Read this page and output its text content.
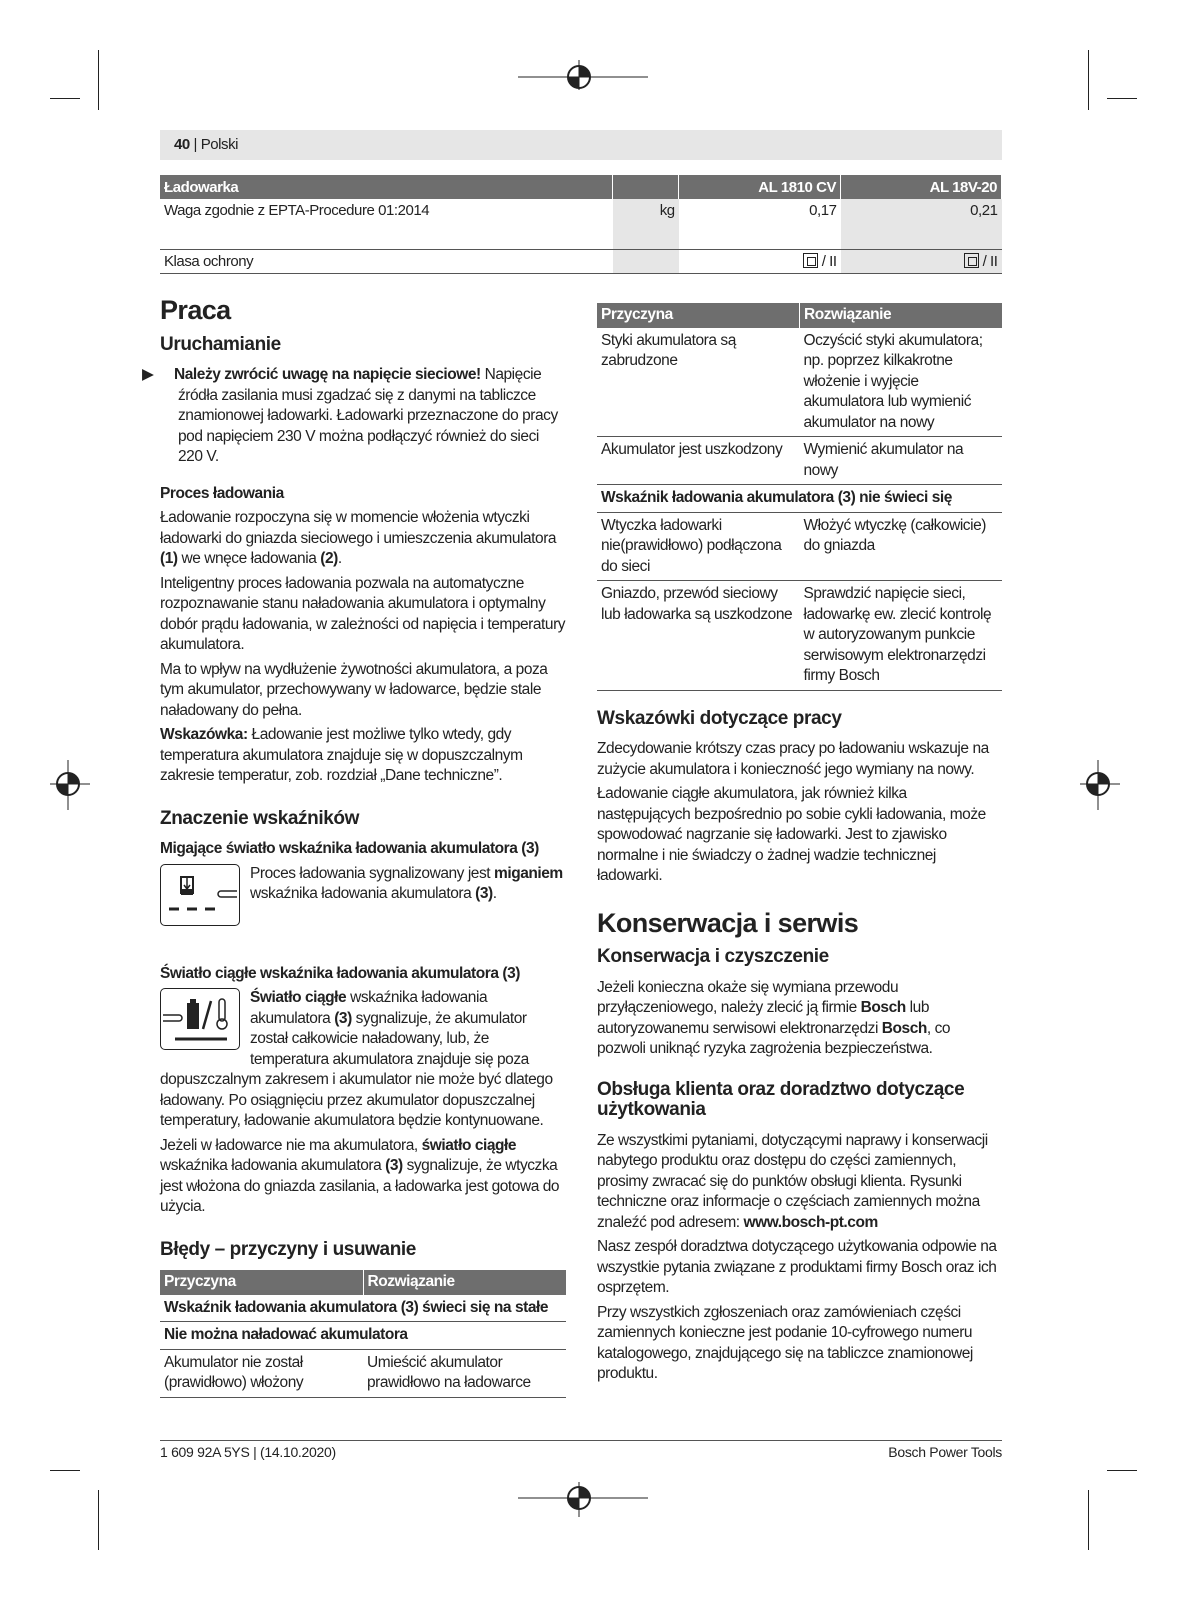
40 | Polski
Ładowarka		AL 1810 CV	AL 18V-20
Waga zgodnie z EPTA-Procedure 01:2014	kg	0,17	0,21
Klasa ochrony		/ II	/ II
Praca
Uruchamianie

▶ Należy zwrócić uwagę na napięcie sieciowe! Napięcie źródła zasilania musi zgadzać się z danymi na tabliczce znamionowej ładowarki. Ładowarki przeznaczone do pracy pod napięciem 230 V można podłączyć również do sieci 220 V.

Proces ładowania

Ładowanie rozpoczyna się w momencie włożenia wtyczki ładowarki do gniazda sieciowego i umieszczenia akumulatora (1) we wnęce ładowania (2).

Inteligentny proces ładowania pozwala na automatyczne rozpoznawanie stanu naładowania akumulatora i optymalny dobór prądu ładowania, w zależności od napięcia i temperatury akumulatora.

Ma to wpływ na wydłużenie żywotności akumulatora, a poza tym akumulator, przechowywany w ładowarce, będzie stale naładowany do pełna.

Wskazówka: Ładowanie jest możliwe tylko wtedy, gdy temperatura akumulatora znajduje się w dopuszczalnym zakresie temperatur, zob. rozdział „Dane techniczne”.

Znaczenie wskaźników
Migające światło wskaźnika ładowania akumulatora (3)

Proces ładowania sygnalizowany jest miganiem wskaźnika ładowania akumulatora (3).

Światło ciągłe wskaźnika ładowania akumulatora (3)

Światło ciągłe wskaźnika ładowania akumulatora (3) sygnalizuje, że akumulator został całkowicie naładowany, lub, że temperatura akumulatora znajduje się poza dopuszczalnym zakresem i akumulator nie może być dlatego ładowany. Po osiągnięciu przez akumulator dopuszczalnej temperatury, ładowanie akumulatora będzie kontynuowane.

Jeżeli w ładowarce nie ma akumulatora, światło ciągłe wskaźnika ładowania akumulatora (3) sygnalizuje, że wtyczka jest włożona do gniazda zasilania, a ładowarka jest gotowa do użycia.

Błędy – przyczyny i usuwanie
Przyczyna	Rozwiązanie
Wskaźnik ładowania akumulatora (3) świeci się na stałe	
Nie można naładować akumulatora	
Akumulator nie został (prawidłowo) włożony	Umieścić akumulator prawidłowo na ładowarce
Przyczyna	Rozwiązanie
Styki akumulatora są zabrudzone	Oczyścić styki akumulatora; np. poprzez kilkakrotne włożenie i wyjęcie akumulatora lub wymienić akumulator na nowy
Akumulator jest uszkodzony	Wymienić akumulator na nowy
Wskaźnik ładowania akumulatora (3) nie świeci się	
Wtyczka ładowarki nie(prawidłowo) podłączona do sieci	Włożyć wtyczkę (całkowicie) do gniazda
Gniazdo, przewód sieciowy lub ładowarka są uszkodzone	Sprawdzić napięcie sieci, ładowarkę ew. zlecić kontrolę w autoryzowanym punkcie serwisowym elektronarzędzi firmy Bosch
Wskazówki dotyczące pracy

Zdecydowanie krótszy czas pracy po ładowaniu wskazuje na zużycie akumulatora i konieczność jego wymiany na nowy.

Ładowanie ciągłe akumulatora, jak również kilka następujących bezpośrednio po sobie cykli ładowania, może spowodować nagrzanie się ładowarki. Jest to zjawisko normalne i nie świadczy o żadnej wadzie technicznej ładowarki.

Konserwacja i serwis
Konserwacja i czyszczenie

Jeżeli konieczna okaże się wymiana przewodu przyłączeniowego, należy zlecić ją firmie Bosch lub autoryzowanemu serwisowi elektronarzędzi Bosch, co pozwoli uniknąć ryzyka zagrożenia bezpieczeństwa.

Obsługa klienta oraz doradztwo dotyczące użytkowania

Ze wszystkimi pytaniami, dotyczącymi naprawy i konserwacji nabytego produktu oraz dostępu do części zamiennych, prosimy zwracać się do punktów obsługi klienta. Rysunki techniczne oraz informacje o częściach zamiennych można znaleźć pod adresem: www.bosch-pt.com

Nasz zespół doradztwa dotyczącego użytkowania odpowie na wszystkie pytania związane z produktami firmy Bosch oraz ich osprzętem.

Przy wszystkich zgłoszeniach oraz zamówieniach części zamiennych konieczne jest podanie 10-cyfrowego numeru katalogowego, znajdującego się na tabliczce znamionowej produktu.

1 609 92A 5YS | (14.10.2020)	Bosch Power Tools
